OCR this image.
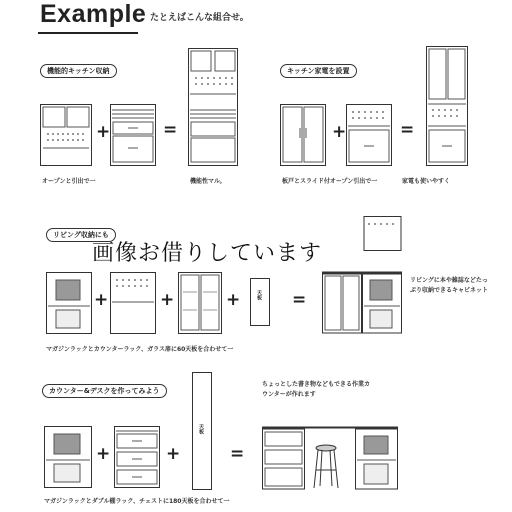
Example たとえばこんな組合せ。
機能的キッチン収納
+	=
オープンと引出で一	機能性マル。
キッチン家電を設置
+	=
板戸とスライド付オープン引出で一	家電も使いやすく
リビング収納にも
+	+	+	天板 =
リビングに本や雑誌などたっぷり収納できるキャビネット
マガジンラックとカウンターラック、ガラス扉に60天板を合わせて一
カウンター&デスクを作ってみよう
+	+
天板
=
ちょっとした書き物などもできる作業カウンターが作れます
マガジンラックとダブル棚ラック、チェストに180天板を合わせて一
画像お借りしています
